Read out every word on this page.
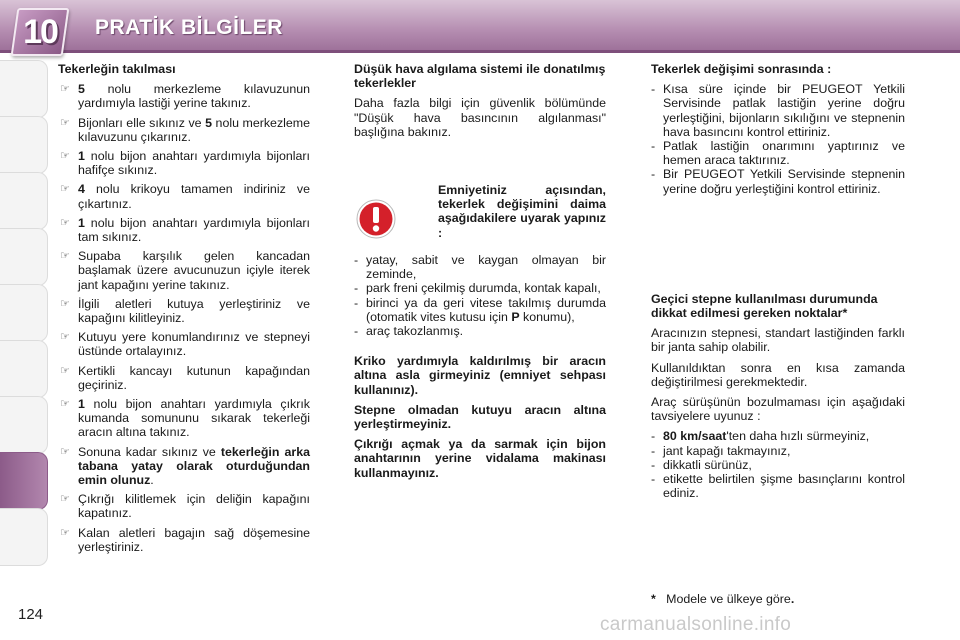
10	PRATİK BİLGİLER
124
Tekerleğin takılması
☞ 5 nolu merkezleme kılavuzunun yardımıyla lastiği yerine takınız.
☞ Bijonları elle sıkınız ve 5 nolu merkezleme kılavuzunu çıkarınız.
☞ 1 nolu bijon anahtarı yardımıyla bijonları hafifçe sıkınız.
☞ 4 nolu krikoyu tamamen indiriniz ve çıkartınız.
☞ 1 nolu bijon anahtarı yardımıyla bijonları tam sıkınız.
☞ Supaba karşılık gelen kancadan başlamak üzere avucunuzun içiyle iterek jant kapağını yerine takınız.
☞ İlgili aletleri kutuya yerleştiriniz ve kapağını kilitleyiniz.
☞ Kutuyu yere konumlandırınız ve stepneyi üstünde ortalayınız.
☞ Kertikli kancayı kutunun kapağından geçiriniz.
☞ 1 nolu bijon anahtarı yardımıyla çıkrık kumanda somununu sıkarak tekerleği aracın altına takınız.
☞ Sonuna kadar sıkınız ve tekerleğin arka tabana yatay olarak oturduğundan emin olunuz.
☞ Çıkrığı kilitlemek için deliğin kapağını kapatınız.
☞ Kalan aletleri bagajın sağ döşemesine yerleştiriniz.
Düşük hava algılama sistemi ile donatılmış tekerlekler

Daha fazla bilgi için güvenlik bölümünde "Düşük hava basıncının algılanması" başlığına bakınız.

Emniyetiniz açısından, tekerlek değişimini daima aşağıdakilere uyarak yapınız :
- yatay, sabit ve kaygan olmayan bir zeminde,
- park freni çekilmiş durumda, kontak kapalı,
- birinci ya da geri vitese takılmış durumda (otomatik vites kutusu için P konumu),
- araç takozlanmış.

Kriko yardımıyla kaldırılmış bir aracın altına asla girmeyiniz (emniyet sehpası kullanınız).

Stepne olmadan kutuyu aracın altına yerleştirmeyiniz.

Çıkrığı açmak ya da sarmak için bijon anahtarının yerine vidalama makinası kullanmayınız.

Tekerlek değişimi sonrasında :
- Kısa süre içinde bir PEUGEOT Yetkili Servisinde patlak lastiğin yerine doğru yerleştiğini, bijonların sıkılığını ve stepnenin hava basıncını kontrol ettiriniz.
- Patlak lastiğin onarımını yaptırınız ve hemen araca taktırınız.
- Bir PEUGEOT Yetkili Servisinde stepnenin yerine doğru yerleştiğini kontrol ettiriniz.
Geçici stepne kullanılması durumunda dikkat edilmesi gereken noktalar*

Aracınızın stepnesi, standart lastiğinden farklı bir janta sahip olabilir.

Kullanıldıktan sonra en kısa zamanda değiştirilmesi gerekmektedir.

Araç sürüşünün bozulmaması için aşağıdaki tavsiyelere uyunuz :

- 80 km/saat'ten daha hızlı sürmeyiniz,
- jant kapağı takmayınız,
- dikkatli sürünüz,
- etikette belirtilen şişme basınçlarını kontrol ediniz.
* Modele ve ülkeye göre.
carmanualsonline.info
